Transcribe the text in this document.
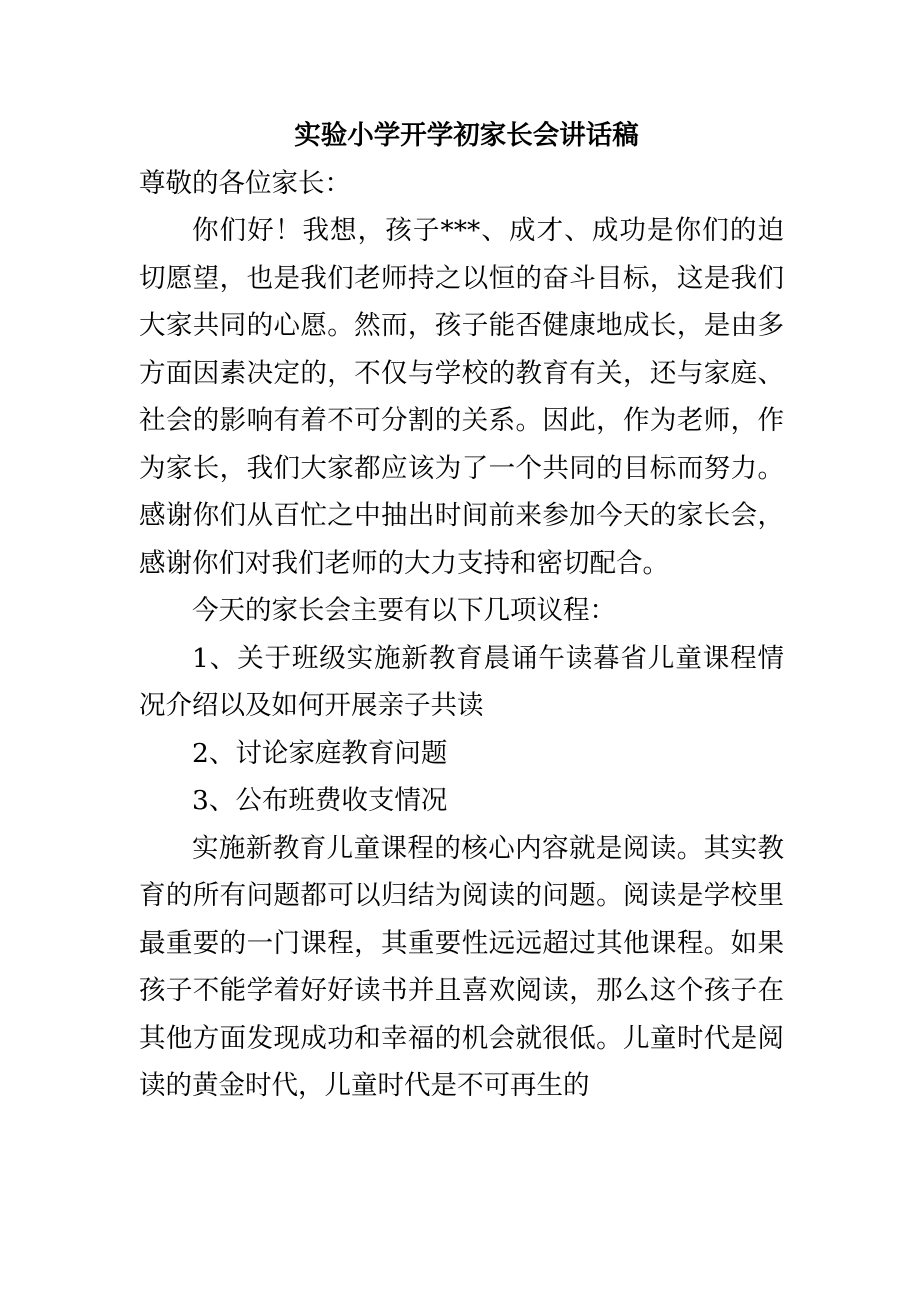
实验小学开学初家长会讲话稿

尊敬的各位家长：

你们好！我想，孩子***、成才、成功是你们的迫切愿望，也是我们老师持之以恒的奋斗目标，这是我们大家共同的心愿。然而，孩子能否健康地成长，是由多方面因素决定的，不仅与学校的教育有关，还与家庭、社会的影响有着不可分割的关系。因此，作为老师，作为家长，我们大家都应该为了一个共同的目标而努力。感谢你们从百忙之中抽出时间前来参加今天的家长会，感谢你们对我们老师的大力支持和密切配合。

今天的家长会主要有以下几项议程：

1、关于班级实施新教育晨诵午读暮省儿童课程情况介绍以及如何开展亲子共读

2、讨论家庭教育问题

3、公布班费收支情况

实施新教育儿童课程的核心内容就是阅读。其实教育的所有问题都可以归结为阅读的问题。阅读是学校里最重要的一门课程，其重要性远远超过其他课程。如果孩子不能学着好好读书并且喜欢阅读，那么这个孩子在其他方面发现成功和幸福的机会就很低。儿童时代是阅读的黄金时代，儿童时代是不可再生的
